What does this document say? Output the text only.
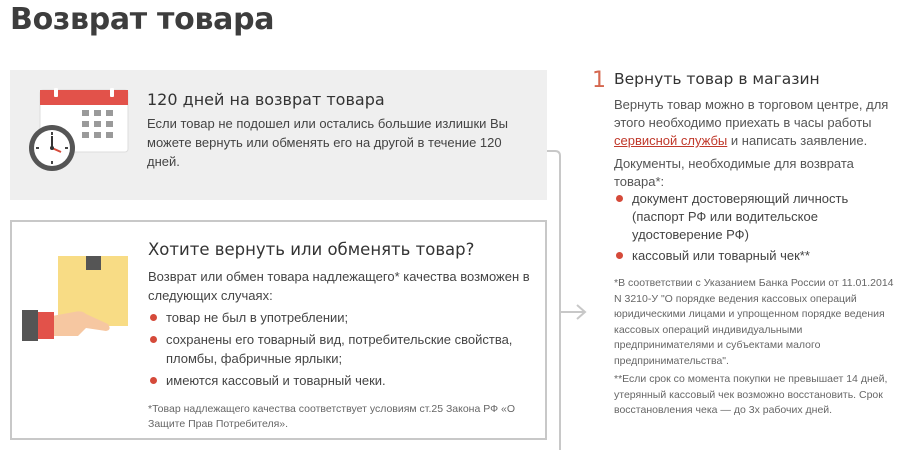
Возврат товара
120 дней на возврат товара
Если товар не подошел или остались большие излишки Вы можете вернуть или обменять его на другой в течение 120 дней.
Хотите вернуть или обменять товар?
Возврат или обмен товара надлежащего* качества возможен в следующих случаях:
товар не был в употреблении;
сохранены его товарный вид, потребительские свойства, пломбы, фабричные ярлыки;
имеются кассовый и товарный чеки.
*Товар надлежащего качества соответствует условиям ст.25 Закона РФ «О Защите Прав Потребителя».
1 Вернуть товар в магазин
Вернуть товар можно в торговом центре, для этого необходимо приехать в часы работы сервисной службы и написать заявление.
Документы, необходимые для возврата товара*:
документ достоверяющий личность (паспорт РФ или водительское удостоверение РФ)
кассовый или товарный чек**
*В соответствии с Указанием Банка России от 11.01.2014 N 3210-У "О порядке ведения кассовых операций юридическими лицами и упрощенном порядке ведения кассовых операций индивидуальными предпринимателями и субъектами малого предпринимательства".
**Если срок со момента покупки не превышает 14 дней, утерянный кассовый чек возможно восстановить. Срок восстановления чека — до 3х рабочих дней.
